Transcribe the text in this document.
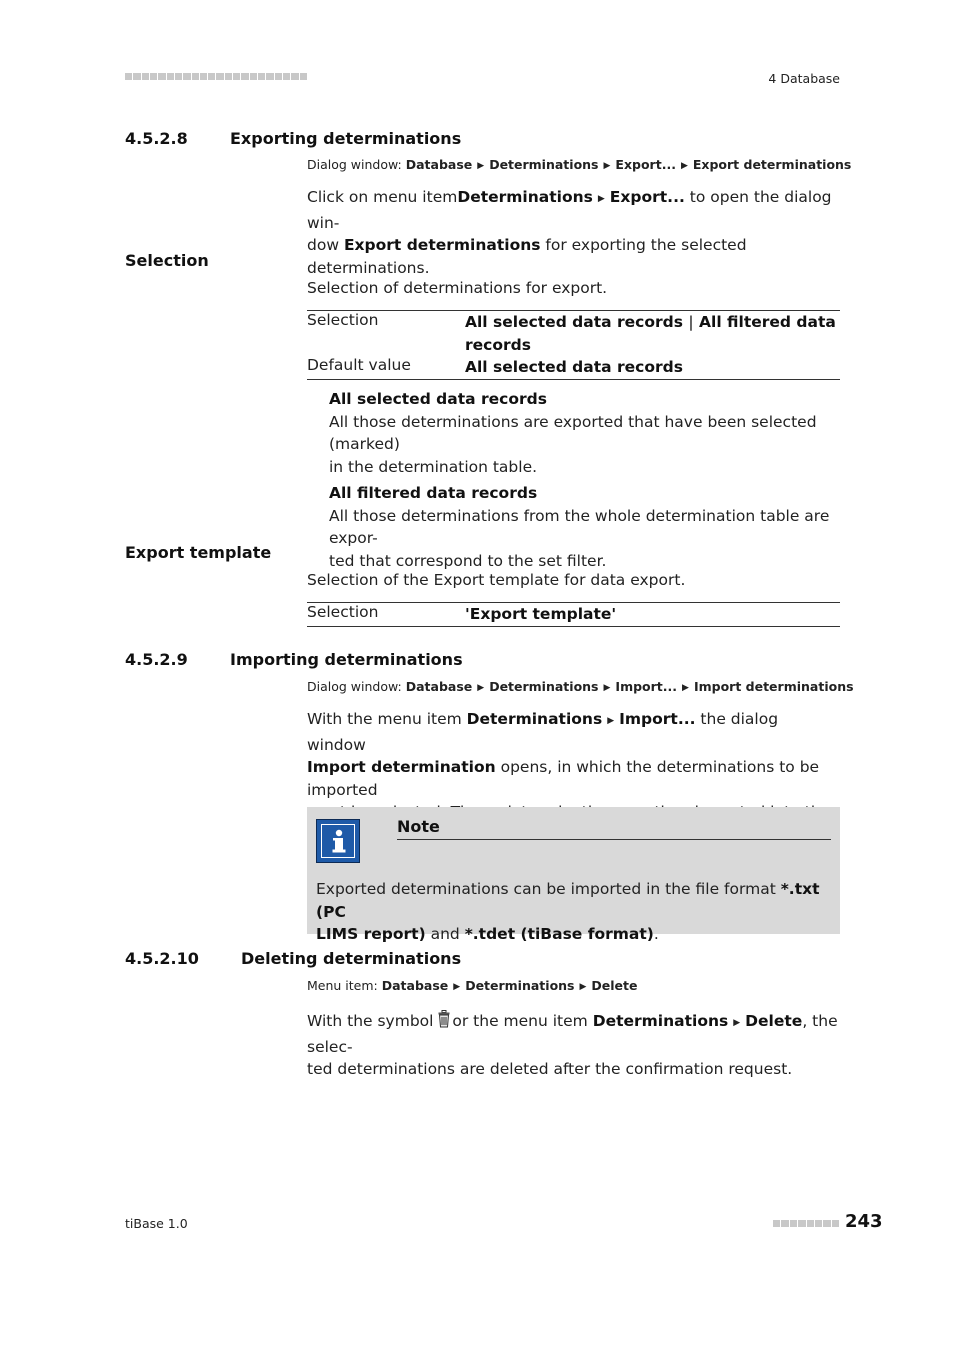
4 Database
4.5.2.8	Exporting determinations
Dialog window: Database ▶ Determinations ▶ Export... ▶ Export determinations
Click on menu itemDeterminations ▶ Export... to open the dialog win-
dow Export determinations for exporting the selected determinations.
Selection
Selection of determinations for export.
Selection	All selected data records | All filtered data
records
Default value	All selected data records
All selected data records
All those determinations are exported that have been selected (marked)
in the determination table.
All filtered data records
All those determinations from the whole determination table are expor-
ted that correspond to the set filter.
Export template
Selection of the Export template for data export.
Selection	'Export template'
4.5.2.9	Importing determinations
Dialog window: Database ▶ Determinations ▶ Import... ▶ Import determinations
With the menu item Determinations ▶ Import... the dialog window
Import determination opens, in which the determinations to be imported
Note
Exported determinations can be imported in the file format *.txt (PC
LIMS report) and *.tdet (tiBase format).
4.5.2.10	Deleting determinations
Menu item: Database ▶ Determinations ▶ Delete
With the symbol or the menu item Determinations ▶ Delete, the selec-
ted determinations are deleted after the confirmation request.
tiBase 1.0	243
